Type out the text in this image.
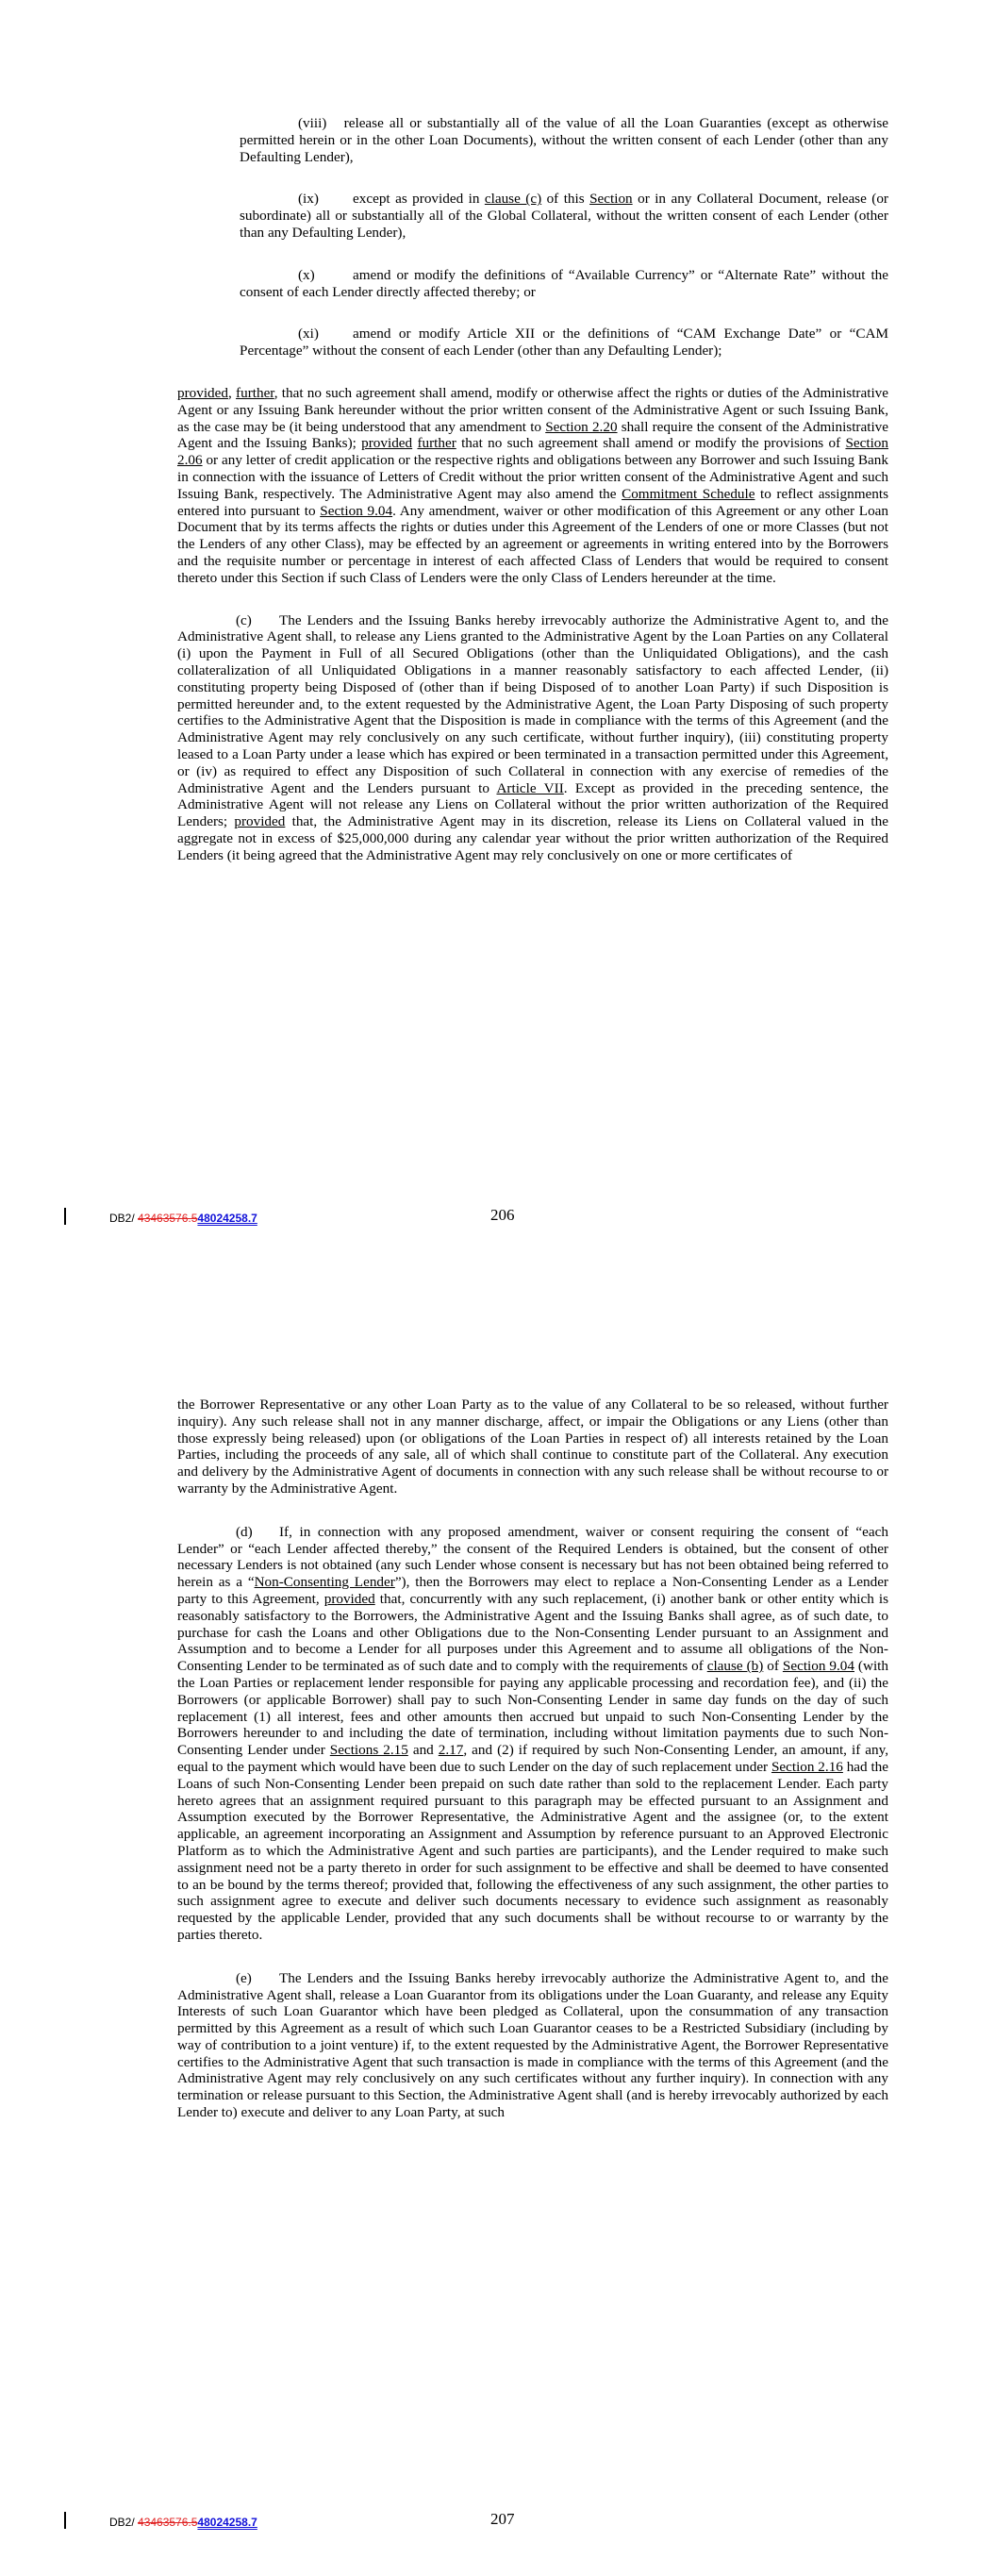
(viii)   release all or substantially all of the value of all the Loan Guaranties (except as otherwise permitted herein or in the other Loan Documents), without the written consent of each Lender (other than any Defaulting Lender),

(ix) except as provided in clause (c) of this Section or in any Collateral Document, release (or subordinate) all or substantially all of the Global Collateral, without the written consent of each Lender (other than any Defaulting Lender),

(x)	amend or modify the definitions of “Available Currency” or “Alternate Rate” without the consent of each Lender directly affected thereby; or

(xi) amend or modify Article XII or the definitions of “CAM Exchange Date” or “CAM Percentage” without the consent of each Lender (other than any Defaulting Lender);

provided, further, that no such agreement shall amend, modify or otherwise affect the rights or duties of the Administrative Agent or any Issuing Bank hereunder without the prior written consent of the Administrative Agent or such Issuing Bank, as the case may be (it being understood that any amendment to Section 2.20 shall require the consent of the Administrative Agent and the Issuing Banks); provided further that no such agreement shall amend or modify the provisions of Section 2.06 or any letter of credit application or the respective rights and obligations between any Borrower and such Issuing Bank in connection with the issuance of Letters of Credit without the prior written consent of the Administrative Agent and such Issuing Bank, respectively. The Administrative Agent may also amend the Commitment Schedule to reflect assignments entered into pursuant to Section 9.04. Any amendment, waiver or other modification of this Agreement or any other Loan Document that by its terms affects the rights or duties under this Agreement of the Lenders of one or more Classes (but not the Lenders of any other Class), may be effected by an agreement or agreements in writing entered into by the Borrowers and the requisite number or percentage in interest of each affected Class of Lenders that would be required to consent thereto under this Section if such Class of Lenders were the only Class of Lenders hereunder at the time.

(c) The Lenders and the Issuing Banks hereby irrevocably authorize the Administrative Agent to, and the Administrative Agent shall, to release any Liens granted to the Administrative Agent by the Loan Parties on any Collateral (i) upon the Payment in Full of all Secured Obligations (other than the Unliquidated Obligations), and the cash collateralization of all Unliquidated Obligations in a manner reasonably satisfactory to each affected Lender, (ii) constituting property being Disposed of (other than if being Disposed of to another Loan Party) if such Disposition is permitted hereunder and, to the extent requested by the Administrative Agent, the Loan Party Disposing of such property certifies to the Administrative Agent that the Disposition is made in compliance with the terms of this Agreement (and the Administrative Agent may rely conclusively on any such certificate, without further inquiry), (iii) constituting property leased to a Loan Party under a lease which has expired or been terminated in a transaction permitted under this Agreement, or (iv) as required to effect any Disposition of such Collateral in connection with any exercise of remedies of the Administrative Agent and the Lenders pursuant to Article VII. Except as provided in the preceding sentence, the Administrative Agent will not release any Liens on Collateral without the prior written authorization of the Required Lenders; provided that, the Administrative Agent may in its discretion, release its Liens on Collateral valued in the aggregate not in excess of $25,000,000 during any calendar year without the prior written authorization of the Required Lenders (it being agreed that the Administrative Agent may rely conclusively on one or more certificates of

DB2/ 43463576.548024258.7	206

the Borrower Representative or any other Loan Party as to the value of any Collateral to be so released, without further inquiry). Any such release shall not in any manner discharge, affect, or impair the Obligations or any Liens (other than those expressly being released) upon (or obligations of the Loan Parties in respect of) all interests retained by the Loan Parties, including the proceeds of any sale, all of which shall continue to constitute part of the Collateral. Any execution and delivery by the Administrative Agent of documents in connection with any such release shall be without recourse to or warranty by the Administrative Agent.

(d) If, in connection with any proposed amendment, waiver or consent requiring the consent of “each Lender” or “each Lender affected thereby,” the consent of the Required Lenders is obtained, but the consent of other necessary Lenders is not obtained (any such Lender whose consent is necessary but has not been obtained being referred to herein as a “Non-Consenting Lender”), then the Borrowers may elect to replace a Non-Consenting Lender as a Lender party to this Agreement, provided that, concurrently with any such replacement, (i) another bank or other entity which is reasonably satisfactory to the Borrowers, the Administrative Agent and the Issuing Banks shall agree, as of such date, to purchase for cash the Loans and other Obligations due to the Non-Consenting Lender pursuant to an Assignment and Assumption and to become a Lender for all purposes under this Agreement and to assume all obligations of the Non-Consenting Lender to be terminated as of such date and to comply with the requirements of clause (b) of Section 9.04 (with the Loan Parties or replacement lender responsible for paying any applicable processing and recordation fee), and (ii) the Borrowers (or applicable Borrower) shall pay to such Non-Consenting Lender in same day funds on the day of such replacement (1) all interest, fees and other amounts then accrued but unpaid to such Non-Consenting Lender by the Borrowers hereunder to and including the date of termination, including without limitation payments due to such Non-Consenting Lender under Sections 2.15 and 2.17, and (2) if required by such Non-Consenting Lender, an amount, if any, equal to the payment which would have been due to such Lender on the day of such replacement under Section 2.16 had the Loans of such Non-Consenting Lender been prepaid on such date rather than sold to the replacement Lender. Each party hereto agrees that an assignment required pursuant to this paragraph may be effected pursuant to an Assignment and Assumption executed by the Borrower Representative, the Administrative Agent and the assignee (or, to the extent applicable, an agreement incorporating an Assignment and Assumption by reference pursuant to an Approved Electronic Platform as to which the Administrative Agent and such parties are participants), and the Lender required to make such assignment need not be a party thereto in order for such assignment to be effective and shall be deemed to have consented to an be bound by the terms thereof; provided that, following the effectiveness of any such assignment, the other parties to such assignment agree to execute and deliver such documents necessary to evidence such assignment as reasonably requested by the applicable Lender, provided that any such documents shall be without recourse to or warranty by the parties thereto.

(e) The Lenders and the Issuing Banks hereby irrevocably authorize the Administrative Agent to, and the Administrative Agent shall, release a Loan Guarantor from its obligations under the Loan Guaranty, and release any Equity Interests of such Loan Guarantor which have been pledged as Collateral, upon the consummation of any transaction permitted by this Agreement as a result of which such Loan Guarantor ceases to be a Restricted Subsidiary (including by way of contribution to a joint venture) if, to the extent requested by the Administrative Agent, the Borrower Representative certifies to the Administrative Agent that such transaction is made in compliance with the terms of this Agreement (and the Administrative Agent may rely conclusively on any such certificates without any further inquiry). In connection with any termination or release pursuant to this Section, the Administrative Agent shall (and is hereby irrevocably authorized by each Lender to) execute and deliver to any Loan Party, at such

DB2/ 43463576.548024258.7	207
